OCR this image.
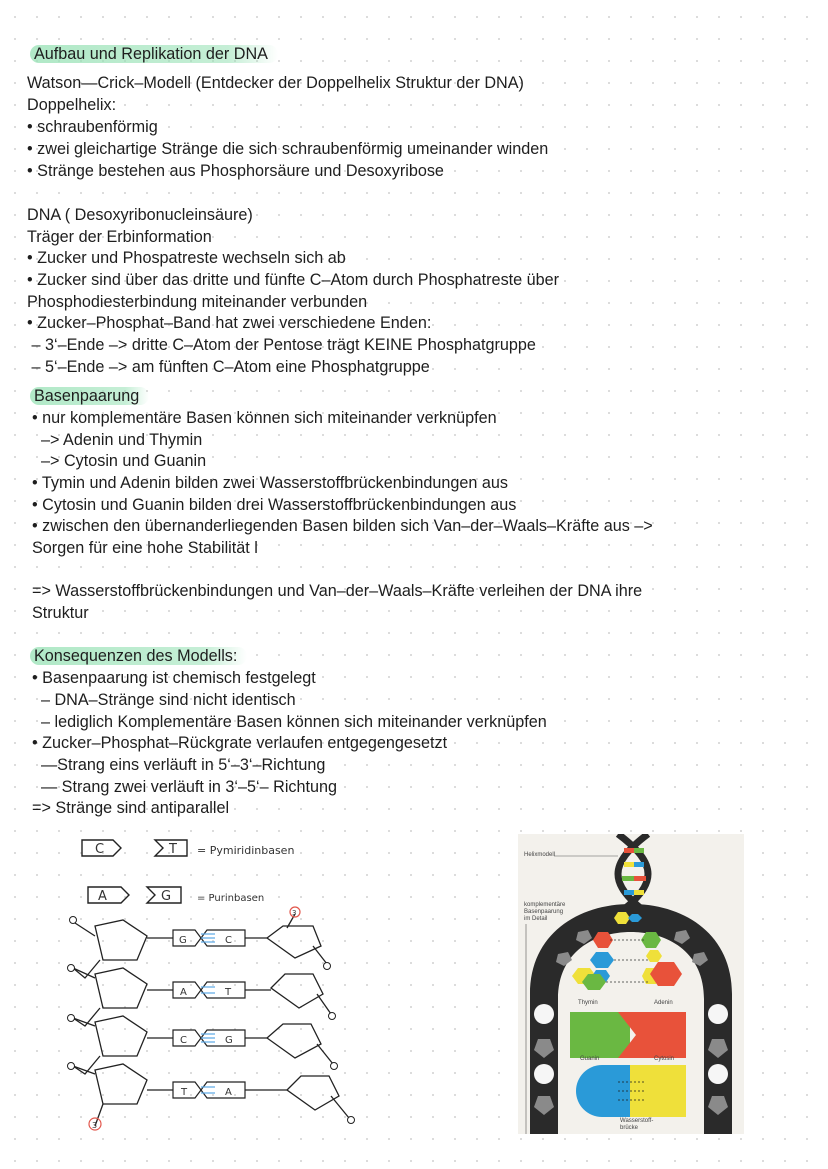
Aufbau und Replikation der DNA
Watson—Crick–Modell (Entdecker der Doppelhelix Struktur der DNA)
Doppelhelix:
• schraubenförmig
• zwei gleichartige Stränge die sich schraubenförmig umeinander winden
• Stränge bestehen aus Phosphorsäure und Desoxyribose
DNA ( Desoxyribonucleinsäure)
Träger der Erbinformation
• Zucker und Phospatreste wechseln sich ab
• Zucker sind über das dritte und fünfte C–Atom durch Phosphatreste über
Phosphodiesterbindung miteinander verbunden
• Zucker–Phosphat–Band hat zwei verschiedene Enden:
– 3‘–Ende –> dritte C–Atom der Pentose trägt KEINE Phosphatgruppe
– 5‘–Ende –> am fünften C–Atom eine Phosphatgruppe
Basenpaarung
• nur komplementäre Basen können sich miteinander verknüpfen
–> Adenin und Thymin
–> Cytosin und Guanin
• Tymin und Adenin bilden zwei Wasserstoffbrückenbindungen aus
• Cytosin und Guanin bilden drei Wasserstoffbrückenbindungen aus
• zwischen den übernanderliegenden Basen bilden sich Van–der–Waals–Kräfte aus –>
Sorgen für eine hohe Stabilität l
=> Wasserstoffbrückenbindungen und Van–der–Waals–Kräfte verleihen der DNA ihre
Struktur
Konsequenzen des Modells:
• Basenpaarung ist chemisch festgelegt
– DNA–Stränge sind nicht identisch
– lediglich Komplementäre Basen können sich miteinander verknüpfen
• Zucker–Phosphat–Rückgrate verlaufen entgegengesetzt
—Strang eins verläuft in 5‘–3‘–Richtung
— Strang zwei verläuft in 3‘–5‘– Richtung
=> Stränge sind antiparallel
C	T = Pymiridinbasen
A	G	= Purinbasen
3
G	C
A	T
C	G
T	A
3
Helixmodell
komplementäre Basenpaarung im Detail
Thymin	Adenin
Guanin	Cytosin
Wasserstoff-brücke
